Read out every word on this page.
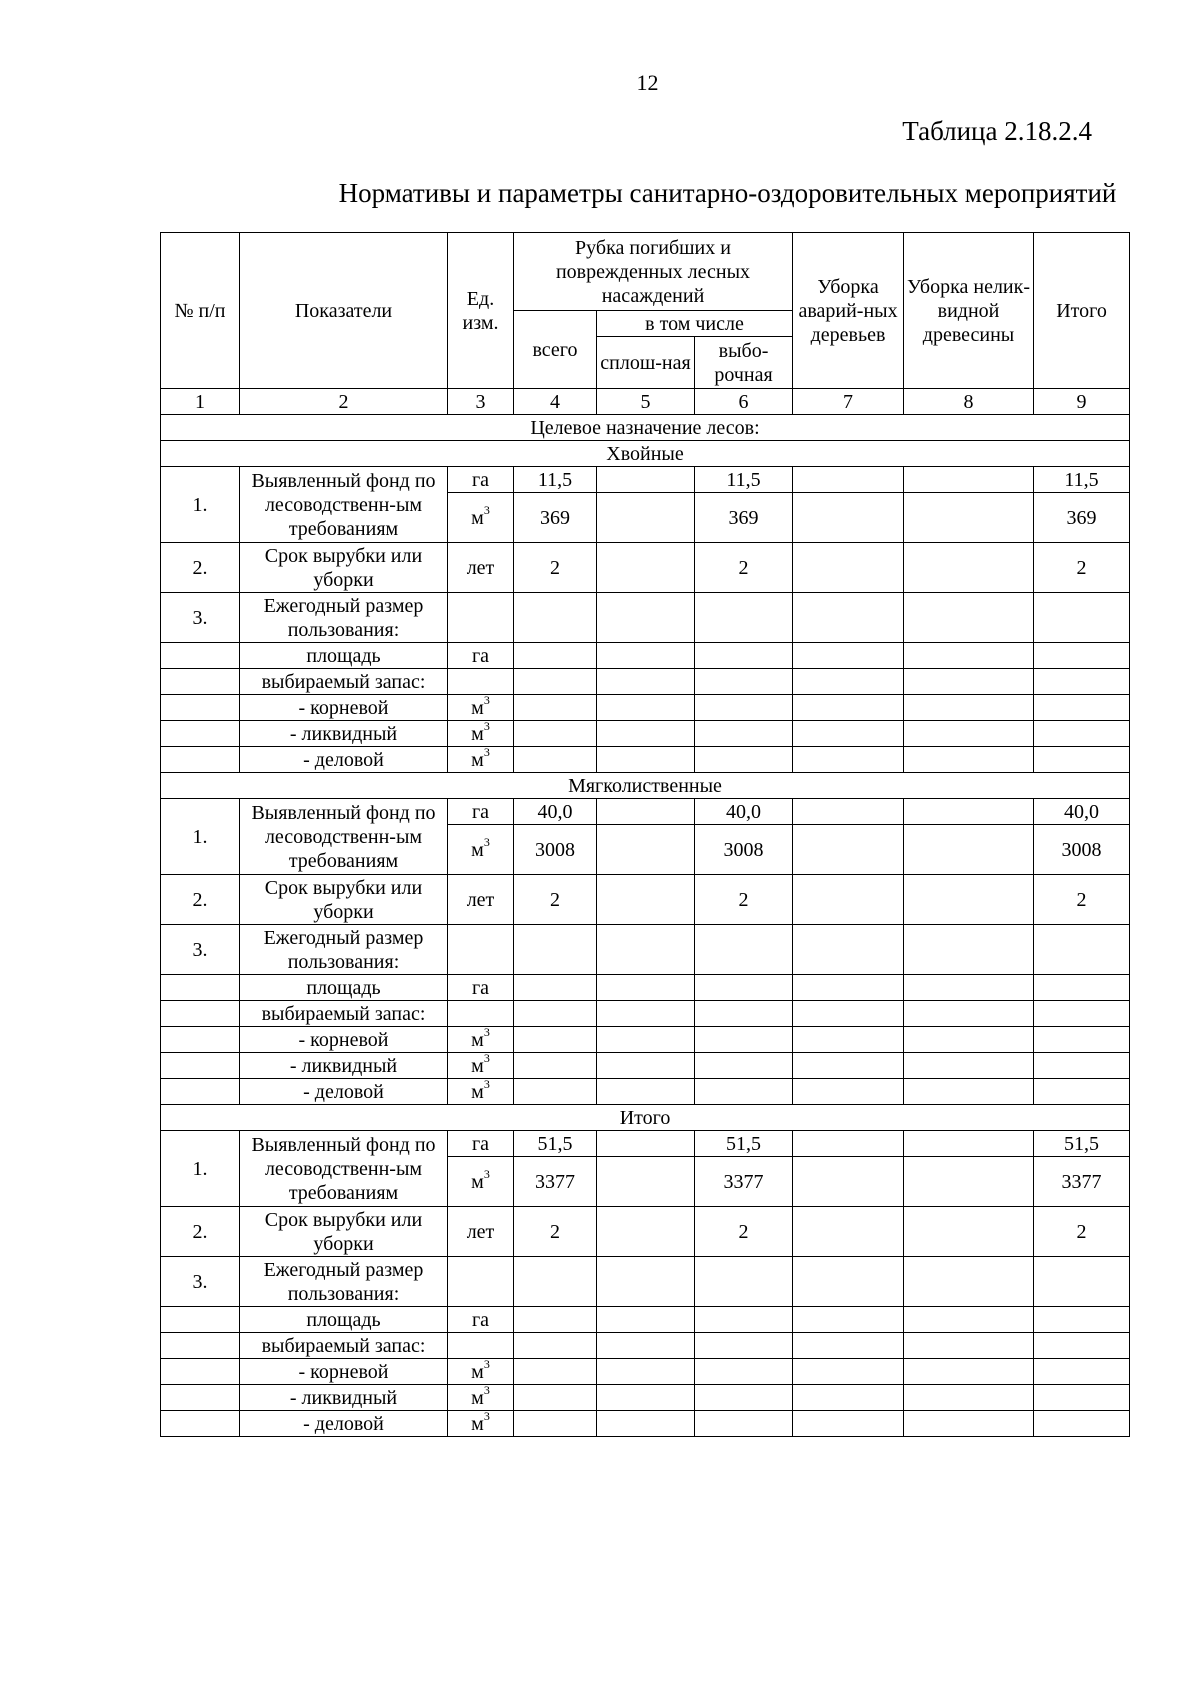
12
Таблица 2.18.2.4
Нормативы и параметры санитарно-оздоровительных мероприятий
№ п/п	Показатели	Ед. изм.	Рубка погибших и поврежденных лесных насаждений			Уборка аварий-ных деревьев	Уборка нелик-видной древесины	Итого
			всего	в том числе				
				сплош-ная	выбо-рочная			
1	2	3	4	5	6	7	8	9
Целевое назначение лесов:								
Хвойные								
1.	Выявленный фонд по лесоводственн-ым требованиям	га	11,5		11,5			11,5
		$м^3$	369		369			369
2.	Срок вырубки или уборки	лет	2		2			2
3.	Ежегодный размер пользования:							
	площадь	га						
	выбираемый запас:							
	- корневой	$м^3$						
	- ликвидный	$м^3$						
	- деловой	$м^3$						
Мягколиственные								
1.	Выявленный фонд по лесоводственн-ым требованиям	га	40,0		40,0			40,0
		$м^3$	3008		3008			3008
2.	Срок вырубки или уборки	лет	2		2			2
3.	Ежегодный размер пользования:							
	площадь	га						
	выбираемый запас:							
	- корневой	$м^3$						
	- ликвидный	$м^3$						
	- деловой	$м^3$						
Итого								
1.	Выявленный фонд по лесоводственн-ым требованиям	га	51,5		51,5			51,5
		$м^3$	3377		3377			3377
2.	Срок вырубки или уборки	лет	2		2			2
3.	Ежегодный размер пользования:							
	площадь	га						
	выбираемый запас:							
	- корневой	$м^3$						
	- ликвидный	$м^3$						
	- деловой	$м^3$						
